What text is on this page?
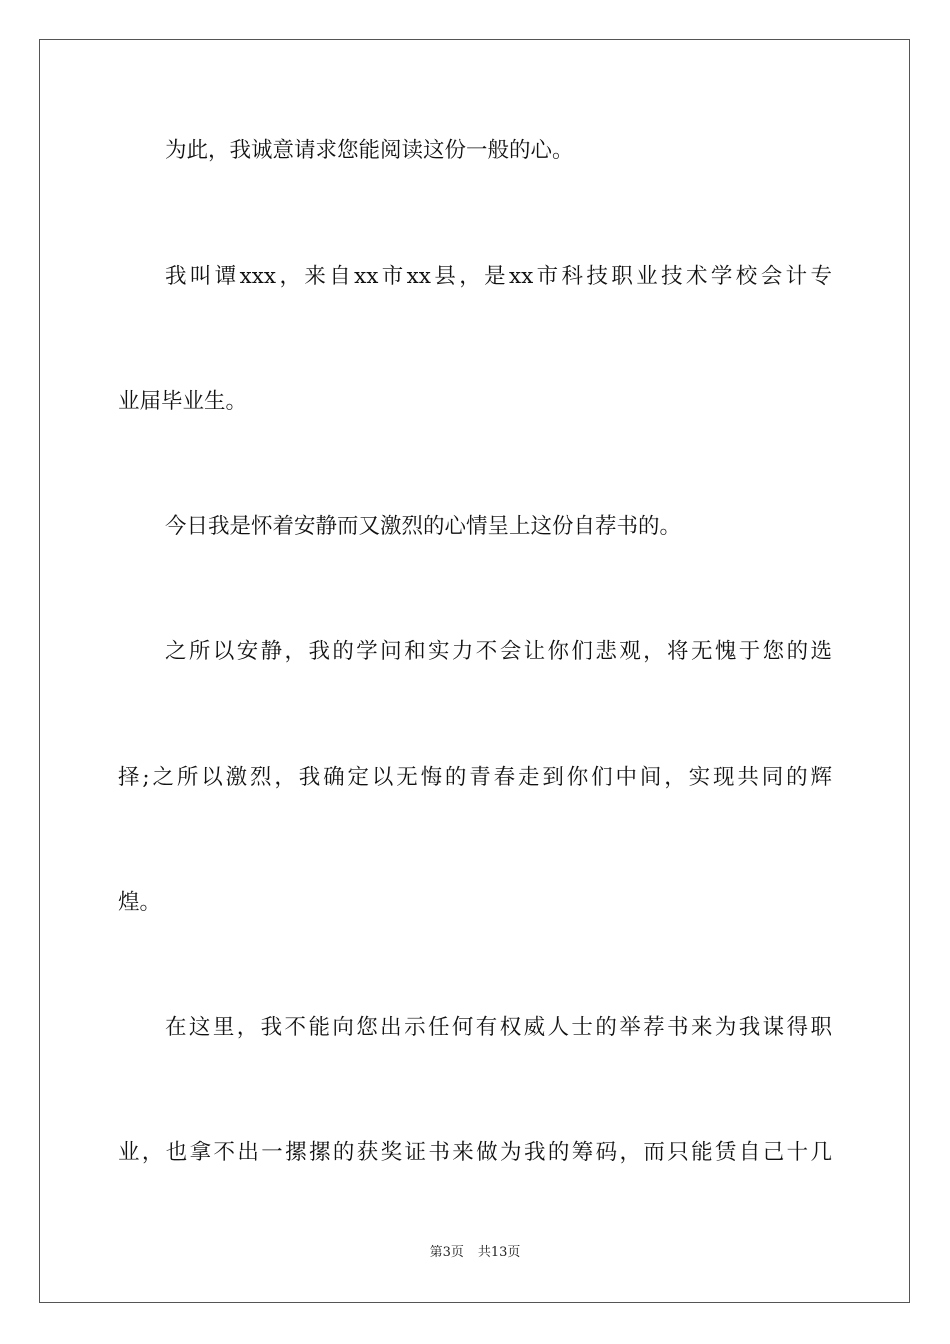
为此，我诚意请求您能阅读这份一般的心。
我叫谭xxx，来自xx市xx县，是xx市科技职业技术学校会计专
业届毕业生。
今日我是怀着安静而又激烈的心情呈上这份自荐书的。
之所以安静，我的学问和实力不会让你们悲观，将无愧于您的选
择;之所以激烈，我确定以无悔的青春走到你们中间，实现共同的辉
煌。
在这里，我不能向您出示任何有权威人士的举荐书来为我谋得职
业，也拿不出一摞摞的获奖证书来做为我的筹码，而只能赁自己十几
第3页 共13页
